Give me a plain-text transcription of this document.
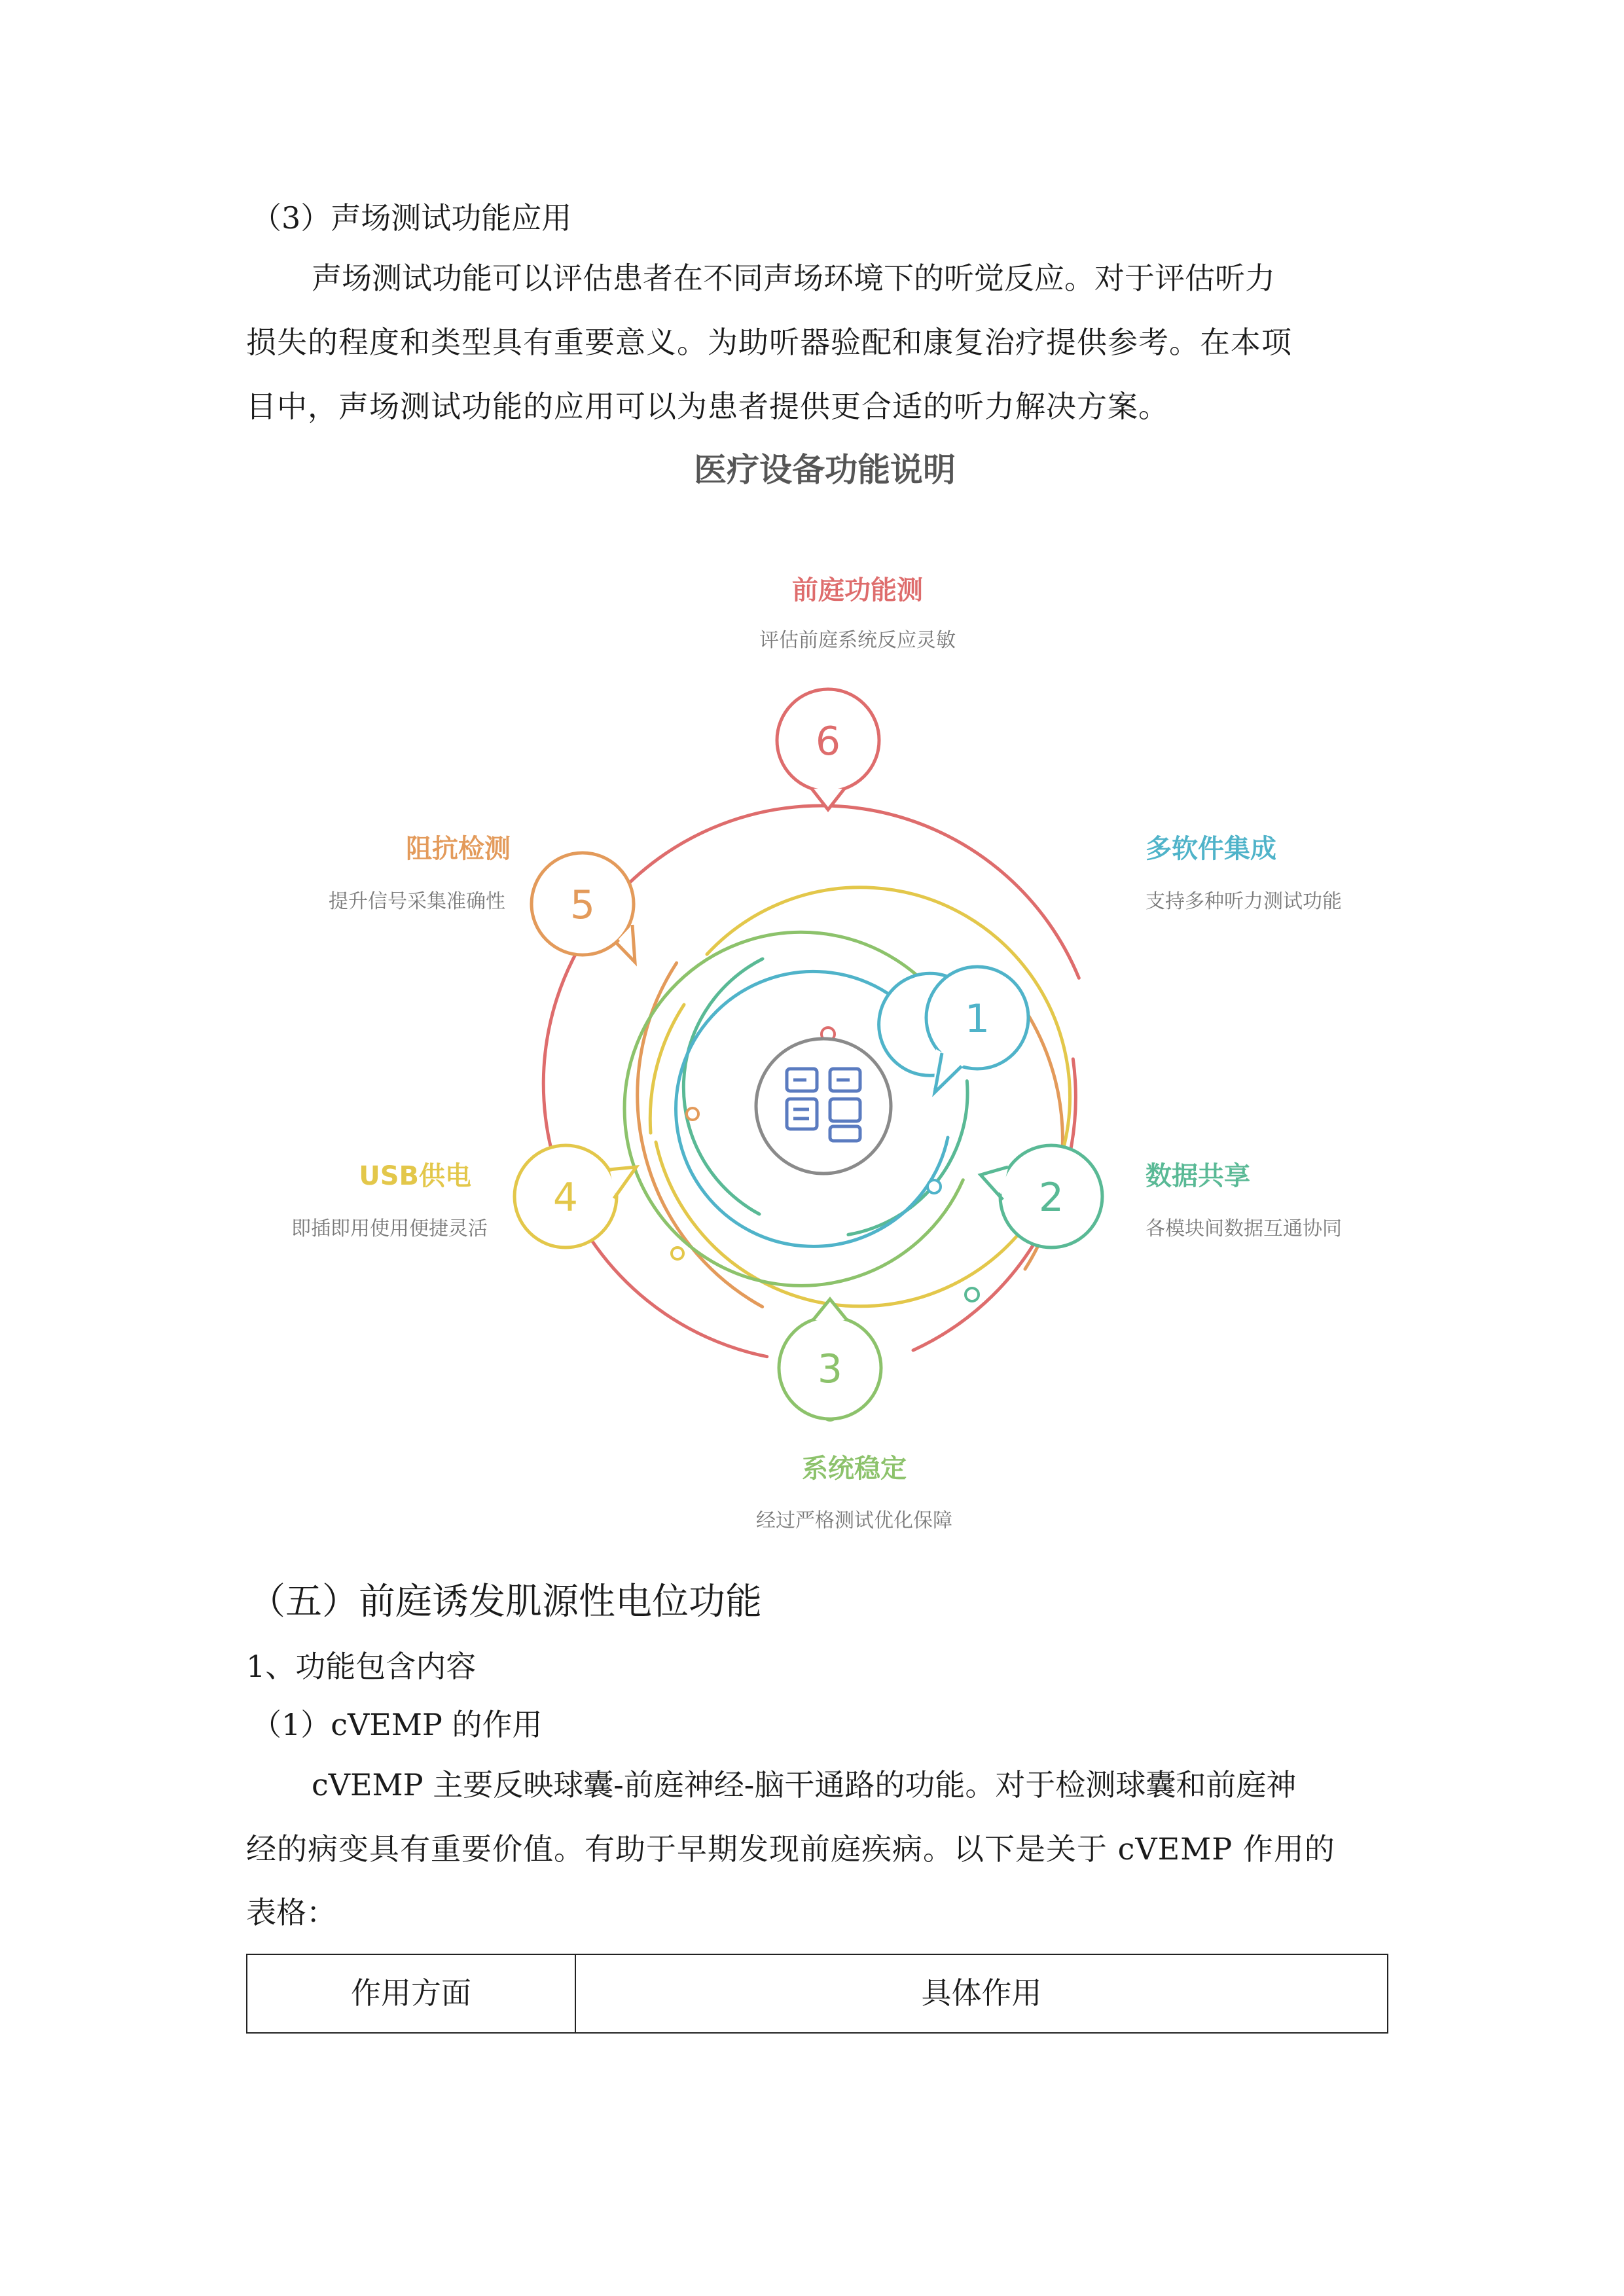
（3）声场测试功能应用
声场测试功能可以评估患者在不同声场环境下的听觉反应。对于评估听力
损失的程度和类型具有重要意义。为助听器验配和康复治疗提供参考。在本项
目中，声场测试功能的应用可以为患者提供更合适的听力解决方案。
医疗设备功能说明
1
2
3
4
5
6
多软件集成
数据共享
系统稳定
USB供电
阻抗检测
前庭功能测
支持多种听力测试功能
各模块间数据互通协同
经过严格测试优化保障
即插即用使用便捷灵活
提升信号采集准确性
评估前庭系统反应灵敏
（五）前庭诱发肌源性电位功能
1、功能包含内容
（1）cVEMP 的作用
cVEMP 主要反映球囊-前庭神经-脑干通路的功能。对于检测球囊和前庭神
经的病变具有重要价值。有助于早期发现前庭疾病。以下是关于 cVEMP 作用的
表格：
作用方面	具体作用
